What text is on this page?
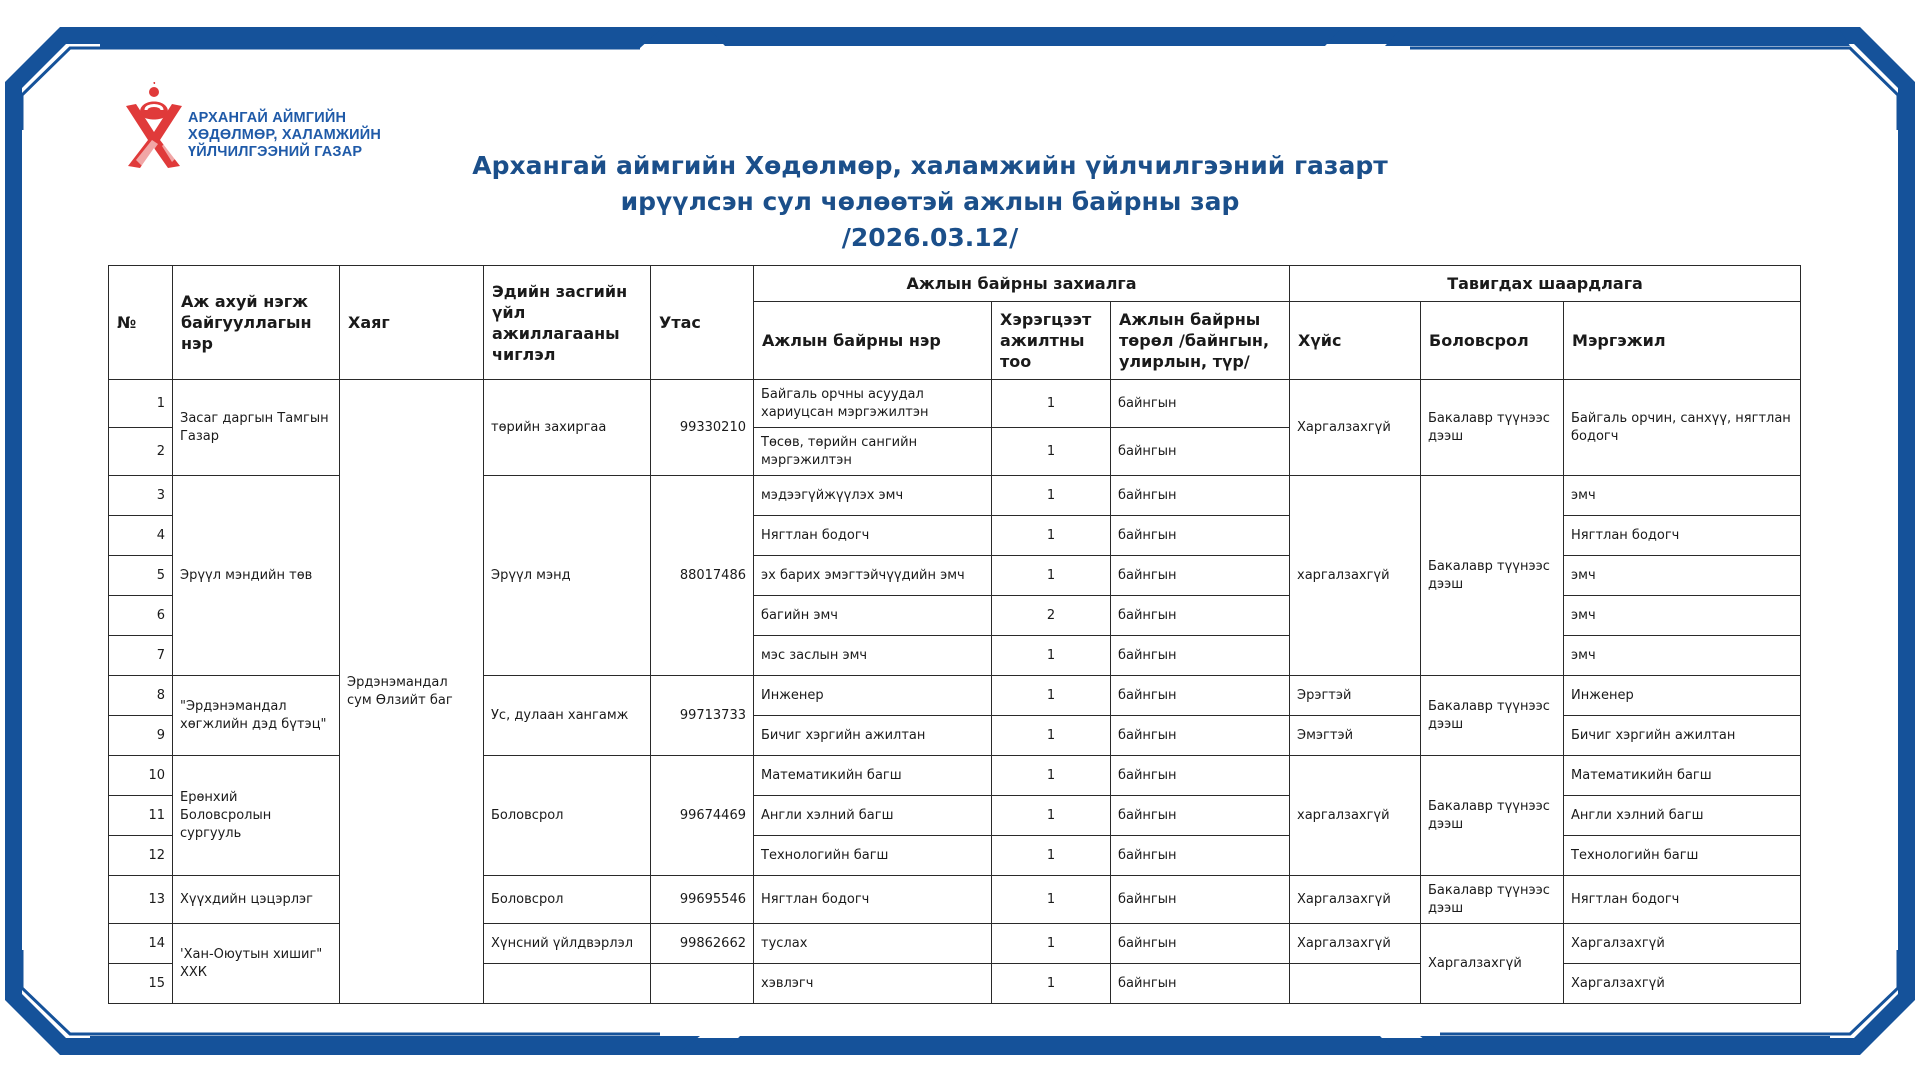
АРХАНГАЙ АЙМГИЙН
ХӨДӨЛМӨР, ХАЛАМЖИЙН
ҮЙЛЧИЛГЭЭНИЙ ГАЗАР	Архангай аймгийн Хөдөлмөр, халамжийн үйлчилгээний газарт
ирүүлсэн сул чөлөөтэй ажлын байрны зар
/2026.03.12/
№	Аж ахуй нэгж байгууллагын нэр	Хаяг	Эдийн засгийн үйл ажиллагааны чиглэл	Утас	Ажлын байрны захиалга			Тавигдах шаардлага		
					Ажлын байрны нэр	Хэрэгцээт ажилтны тоо	Ажлын байрны төрөл /байнгын, улирлын, түр/	Хүйс	Боловсрол	Мэргэжил
1	Засаг даргын Тамгын Газар	Эрдэнэмандал сум Өлзийт баг	төрийн захиргаа	99330210	Байгаль орчны асуудал хариуцсан мэргэжилтэн	1	байнгын	Харгалзахгүй	Бакалавр түүнээс дээш	Байгаль орчин, санхүү, нягтлан бодогч
2					Төсөв, төрийн сангийн мэргэжилтэн	1	байнгын			
3	Эрүүл мэндийн төв		Эрүүл мэнд	88017486	мэдээгүйжүүлэх эмч	1	байнгын	харгалзахгүй	Бакалавр түүнээс дээш	эмч
4					Нягтлан бодогч	1	байнгын			Нягтлан бодогч
5					эх барих эмэгтэйчүүдийн эмч	1	байнгын			эмч
6					багийн эмч	2	байнгын			эмч
7					мэс заслын эмч	1	байнгын			эмч
8	"Эрдэнэмандал хөгжлийн дэд бүтэц"		Ус, дулаан хангамж	99713733	Инженер	1	байнгын	Эрэгтэй	Бакалавр түүнээс дээш	Инженер
9					Бичиг хэргийн ажилтан	1	байнгын	Эмэгтэй		Бичиг хэргийн ажилтан
10	Ерөнхий Боловсролын сургууль		Боловсрол	99674469	Математикийн багш	1	байнгын	харгалзахгүй	Бакалавр түүнээс дээш	Математикийн багш
11					Англи хэлний багш	1	байнгын			Англи хэлний багш
12					Технологийн багш	1	байнгын			Технологийн багш
13	Хүүхдийн цэцэрлэг		Боловсрол	99695546	Нягтлан бодогч	1	байнгын	Харгалзахгүй	Бакалавр түүнээс дээш	Нягтлан бодогч
14	'Хан-Оюутын хишиг" ХХК		Хүнсний үйлдвэрлэл	99862662	туслах	1	байнгын	Харгалзахгүй	Харгалзахгүй	Харгалзахгүй
15					хэвлэгч	1	байнгын			Харгалзахгүй
